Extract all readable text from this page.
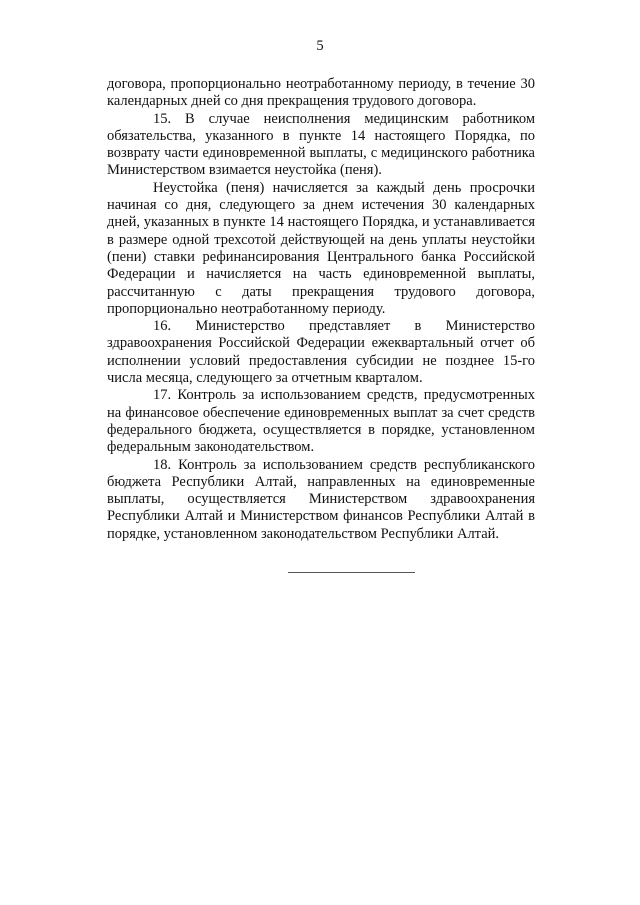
5

договора, пропорционально неотработанному периоду, в течение 30 календарных дней со дня прекращения трудового договора.

15. В случае неисполнения медицинским работником обязательства, указанного в пункте 14 настоящего Порядка, по возврату части единовременной выплаты, с медицинского работника Министерством взимается неустойка (пеня).

Неустойка (пеня) начисляется за каждый день просрочки начиная со дня, следующего за днем истечения 30 календарных дней, указанных в пункте 14 настоящего Порядка, и устанавливается в размере одной трехсотой действующей на день уплаты неустойки (пени) ставки рефинансирования Центрального банка Российской Федерации и начисляется на часть единовременной выплаты, рассчитанную с даты прекращения трудового договора, пропорционально неотработанному периоду.

16. Министерство представляет в Министерство здравоохранения Российской Федерации ежеквартальный отчет об исполнении условий предоставления субсидии не позднее 15-го числа месяца, следующего за отчетным кварталом.

17. Контроль за использованием средств, предусмотренных на финансовое обеспечение единовременных выплат за счет средств федерального бюджета, осуществляется в порядке, установленном федеральным законодательством.

18. Контроль за использованием средств республиканского бюджета Республики Алтай, направленных на единовременные выплаты, осуществляется Министерством здравоохранения Республики Алтай и Министерством финансов Республики Алтай в порядке, установленном законодательством Республики Алтай.
